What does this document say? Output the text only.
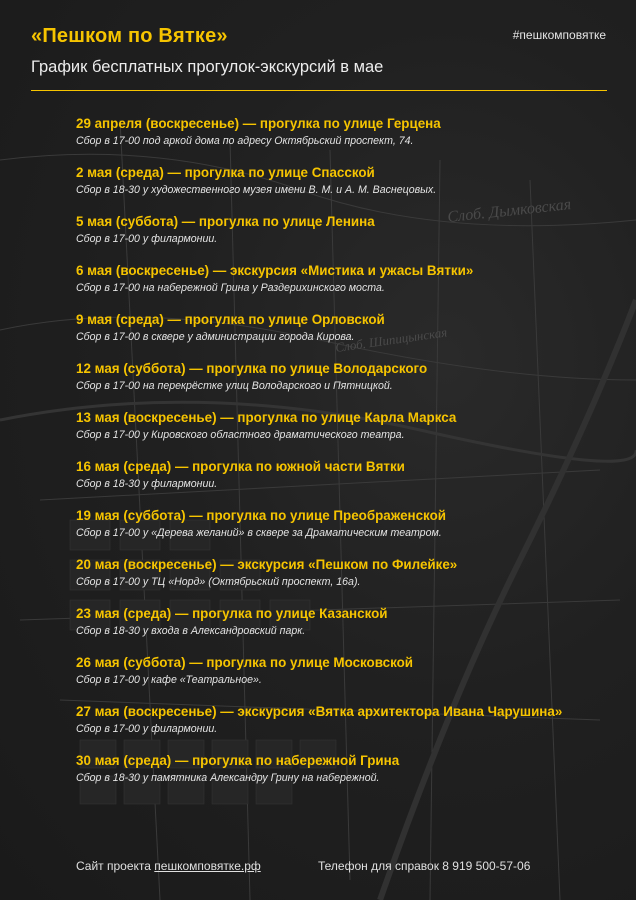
Слоб. Дымковская
Слоб. Шипицынская
«Пешком по Вятке»	#пешкомповятке
График бесплатных прогулок-экскурсий в мае
29 апреля (воскресенье) — прогулка по улице Герцена
Сбор в 17-00 под аркой дома по адресу Октябрьский проспект, 74.
2 мая (среда) — прогулка по улице Спасской
Сбор в 18-30 у художественного музея имени В. М. и А. М. Васнецовых.
5 мая (суббота) — прогулка по улице Ленина
Сбор в 17-00 у филармонии.
6 мая (воскресенье) — экскурсия «Мистика и ужасы Вятки»
Сбор в 17-00 на набережной Грина у Раздерихинского моста.
9 мая (среда) — прогулка по улице Орловской
Сбор в 17-00 в сквере у администрации города Кирова.
12 мая (суббота) — прогулка по улице Володарского
Сбор в 17-00 на перекрёстке улиц Володарского и Пятницкой.
13 мая (воскресенье) — прогулка по улице Карла Маркса
Сбор в 17-00 у Кировского областного драматического театра.
16 мая (среда) — прогулка по южной части Вятки
Сбор в 18-30 у филармонии.
19 мая (суббота) — прогулка по улице Преображенской
Сбор в 17-00 у «Дерева желаний» в сквере за Драматическим театром.
20 мая (воскресенье) — экскурсия «Пешком по Филейке»
Сбор в 17-00 у ТЦ «Норд» (Октябрьский проспект, 16а).
23 мая (среда) — прогулка по улице Казанской
Сбор в 18-30 у входа в Александровский парк.
26 мая (суббота) — прогулка по улице Московской
Сбор в 17-00 у кафе «Театральное».
27 мая (воскресенье) — экскурсия «Вятка архитектора Ивана Чарушина»
Сбор в 17-00 у филармонии.
30 мая (среда) — прогулка по набережной Грина
Сбор в 18-30 у памятника Александру Грину на набережной.
Сайт проекта пешкомповятке.рф	Телефон для справок 8 919 500-57-06
